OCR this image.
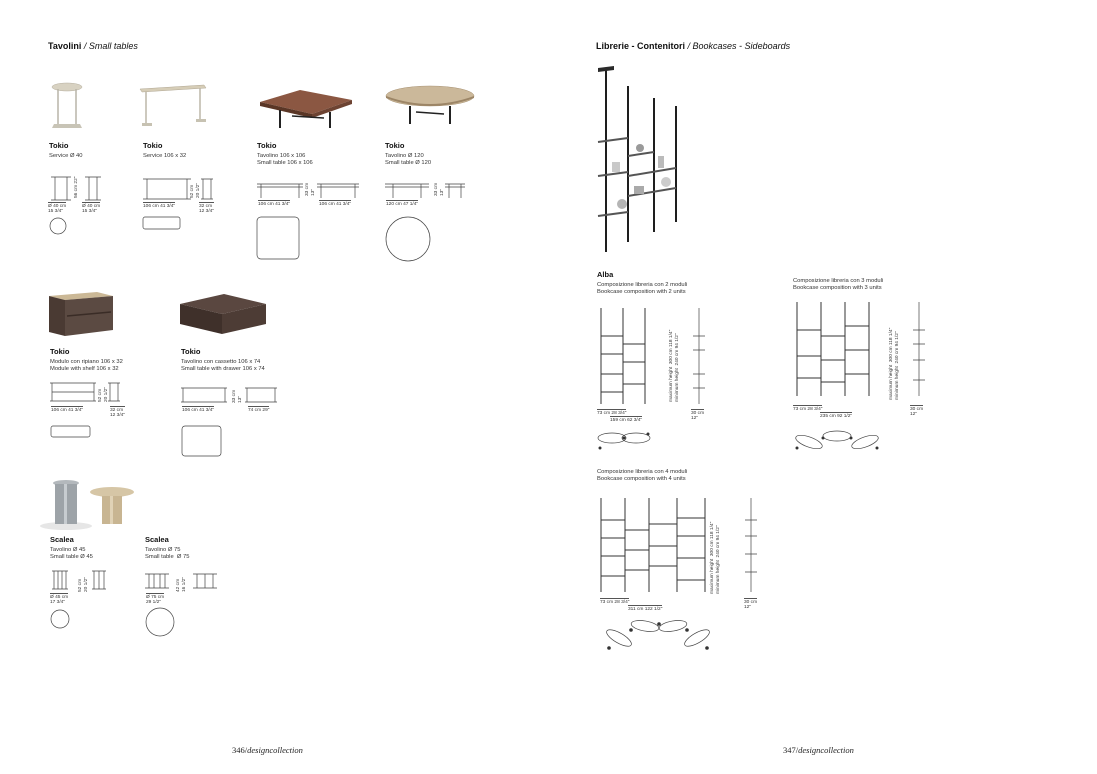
Tavolini / Small tables
Tokio
Service Ø 40
56 cm 22"
Ø 40 cm
15 3/4"
Ø 40 cm
15 3/4"
Tokio
Service 106 x 32
52 cm
20 1/2"
106 cm 41 3/4"	32 cm
12 3/4"
Tokio
Tavolino 106 x 106
Small table 106 x 106
33 cm
13"
106 cm 41 3/4"	106 cm 41 3/4"
Tokio
Tavolino Ø 120
Small table Ø 120
33 cm
13"
120 cm 47 1/4"
Tokio
Modulo con ripiano 106 x 32
Module with shelf 106 x 32
52 cm
20 1/2"
106 cm 41 3/4"	32 cm
12 3/4"
Tokio
Tavolino con cassetto 106 x 74
Small table with drawer 106 x 74
33 cm
13"
106 cm 41 3/4"	74 cm 29"
Scalea
Tavolino Ø 45
Small table Ø 45
52 cm
20 1/2"
Ø 45 cm
17 3/4"
Scalea
Tavolino Ø 75
Small table  Ø 75
42 cm
16 1/2"
Ø 75 cm
29 1/2"
346/designcollection
Librerie - Contenitori / Bookcases - Sideboards
Alba
Composizione libreria con 2 moduli
Bookcase composition with 2 units
maximum height  300 cm 118 1/4"
minimum height  240 cm 94 1/2"
73 cm 28 3/4"
159 cm 62 3/4"
30 cm
12"
Composizione libreria con 3 moduli
Bookcase composition with 3 units
maximum height  300 cm 118 1/4"
minimum height  240 cm 94 1/2"
73 cm 28 3/4"
235 cm 92 1/2"
30 cm
12"
Composizione libreria con 4 moduli
Bookcase composition with 4 units
maximum height  300 cm 118 1/4"
minimum height  240 cm 94 1/2"
73 cm 28 3/4"
311 cm 122 1/2"
30 cm
12"
347/designcollection
